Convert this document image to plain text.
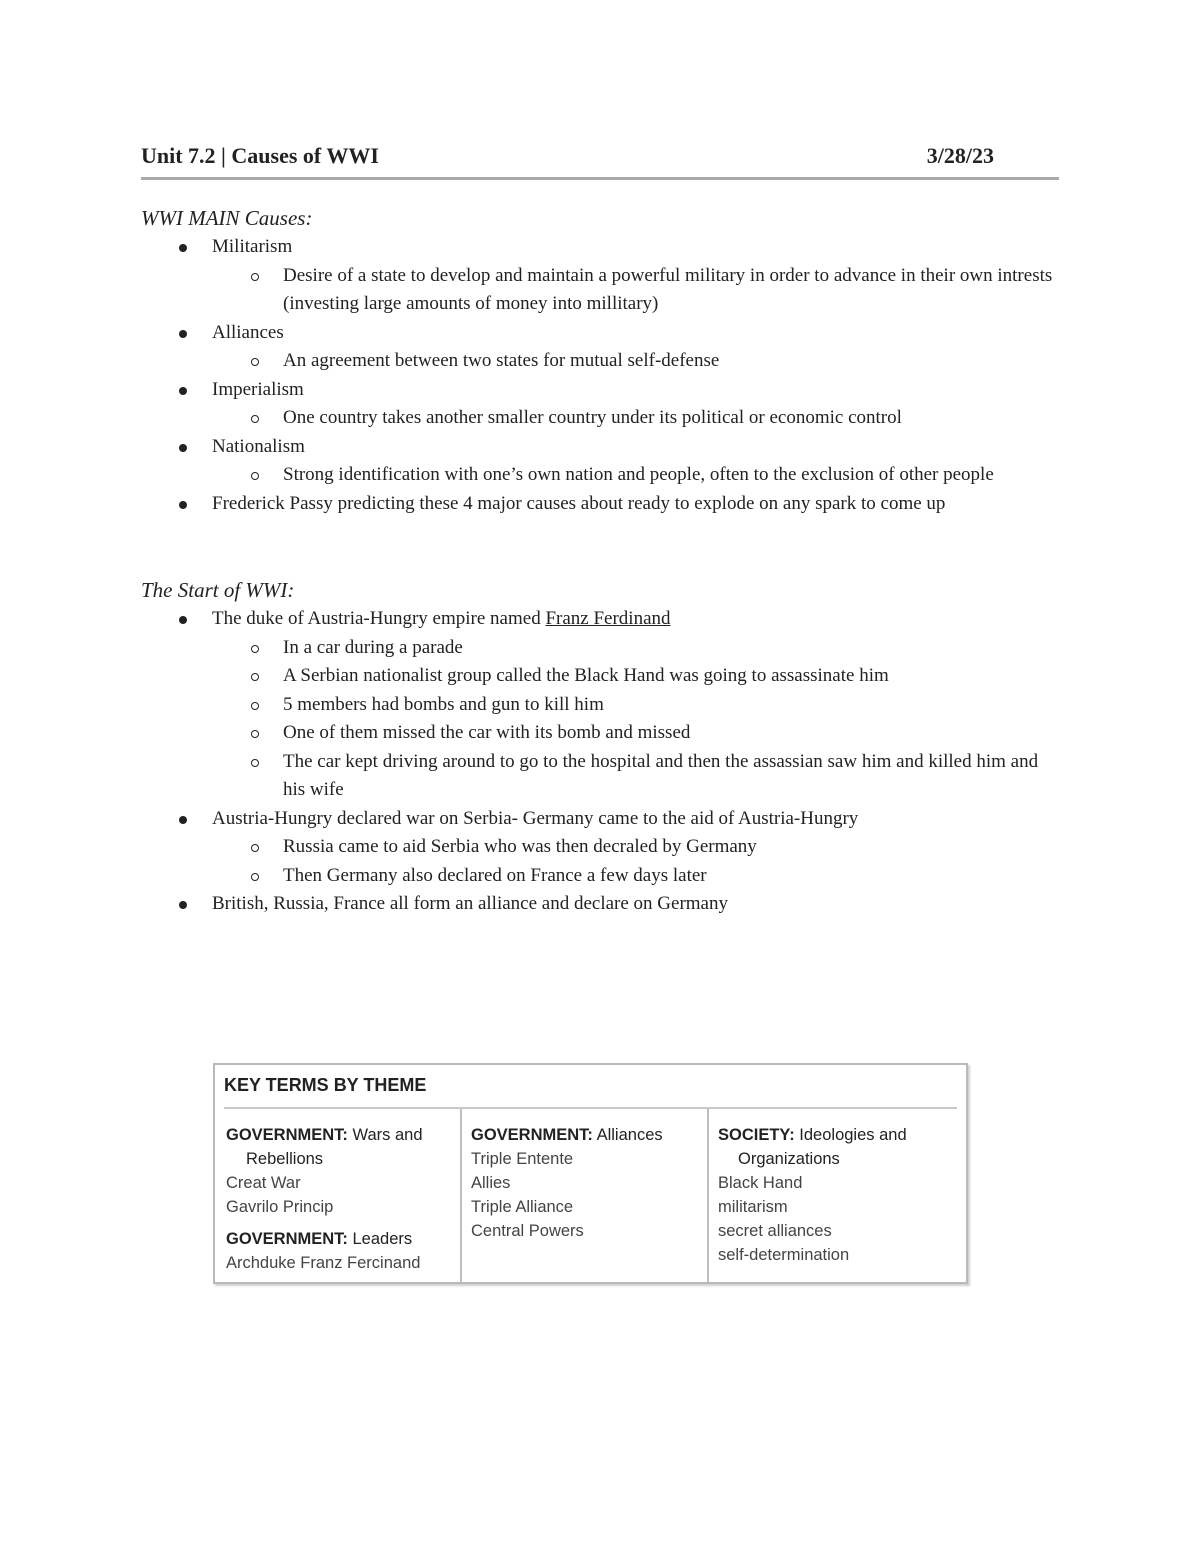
Unit 7.2 | Causes of WWI	3/28/23
WWI MAIN Causes:
Militarism
Desire of a state to develop and maintain a powerful military in order to advance in their own intrests (investing large amounts of money into millitary)
Alliances
An agreement between two states for mutual self-defense
Imperialism
One country takes another smaller country under its political or economic control
Nationalism
Strong identification with one’s own nation and people, often to the exclusion of other people
Frederick Passy predicting these 4 major causes about ready to explode on any spark to come up
The Start of WWI:
The duke of Austria-Hungry empire named Franz Ferdinand
In a car during a parade
A Serbian nationalist group called the Black Hand was going to assassinate him
5 members had bombs and gun to kill him
One of them missed the car with its bomb and missed
The car kept driving around to go to the hospital and then the assassian saw him and killed him and his wife
Austria-Hungry declared war on Serbia- Germany came to the aid of Austria-Hungry
Russia came to aid Serbia who was then decraled by Germany
Then Germany also declared on France a few days later
British, Russia, France all form an alliance and declare on Germany
KEY TERMS BY THEME
GOVERNMENT: Wars and
Rebellions
Creat War
Gavrilo Princip
GOVERNMENT: Leaders
Archduke Franz Fercinand
GOVERNMENT: Alliances
Triple Entente
Allies
Triple Alliance
Central Powers
SOCIETY: Ideologies and
Organizations
Black Hand
militarism
secret alliances
self-determination
